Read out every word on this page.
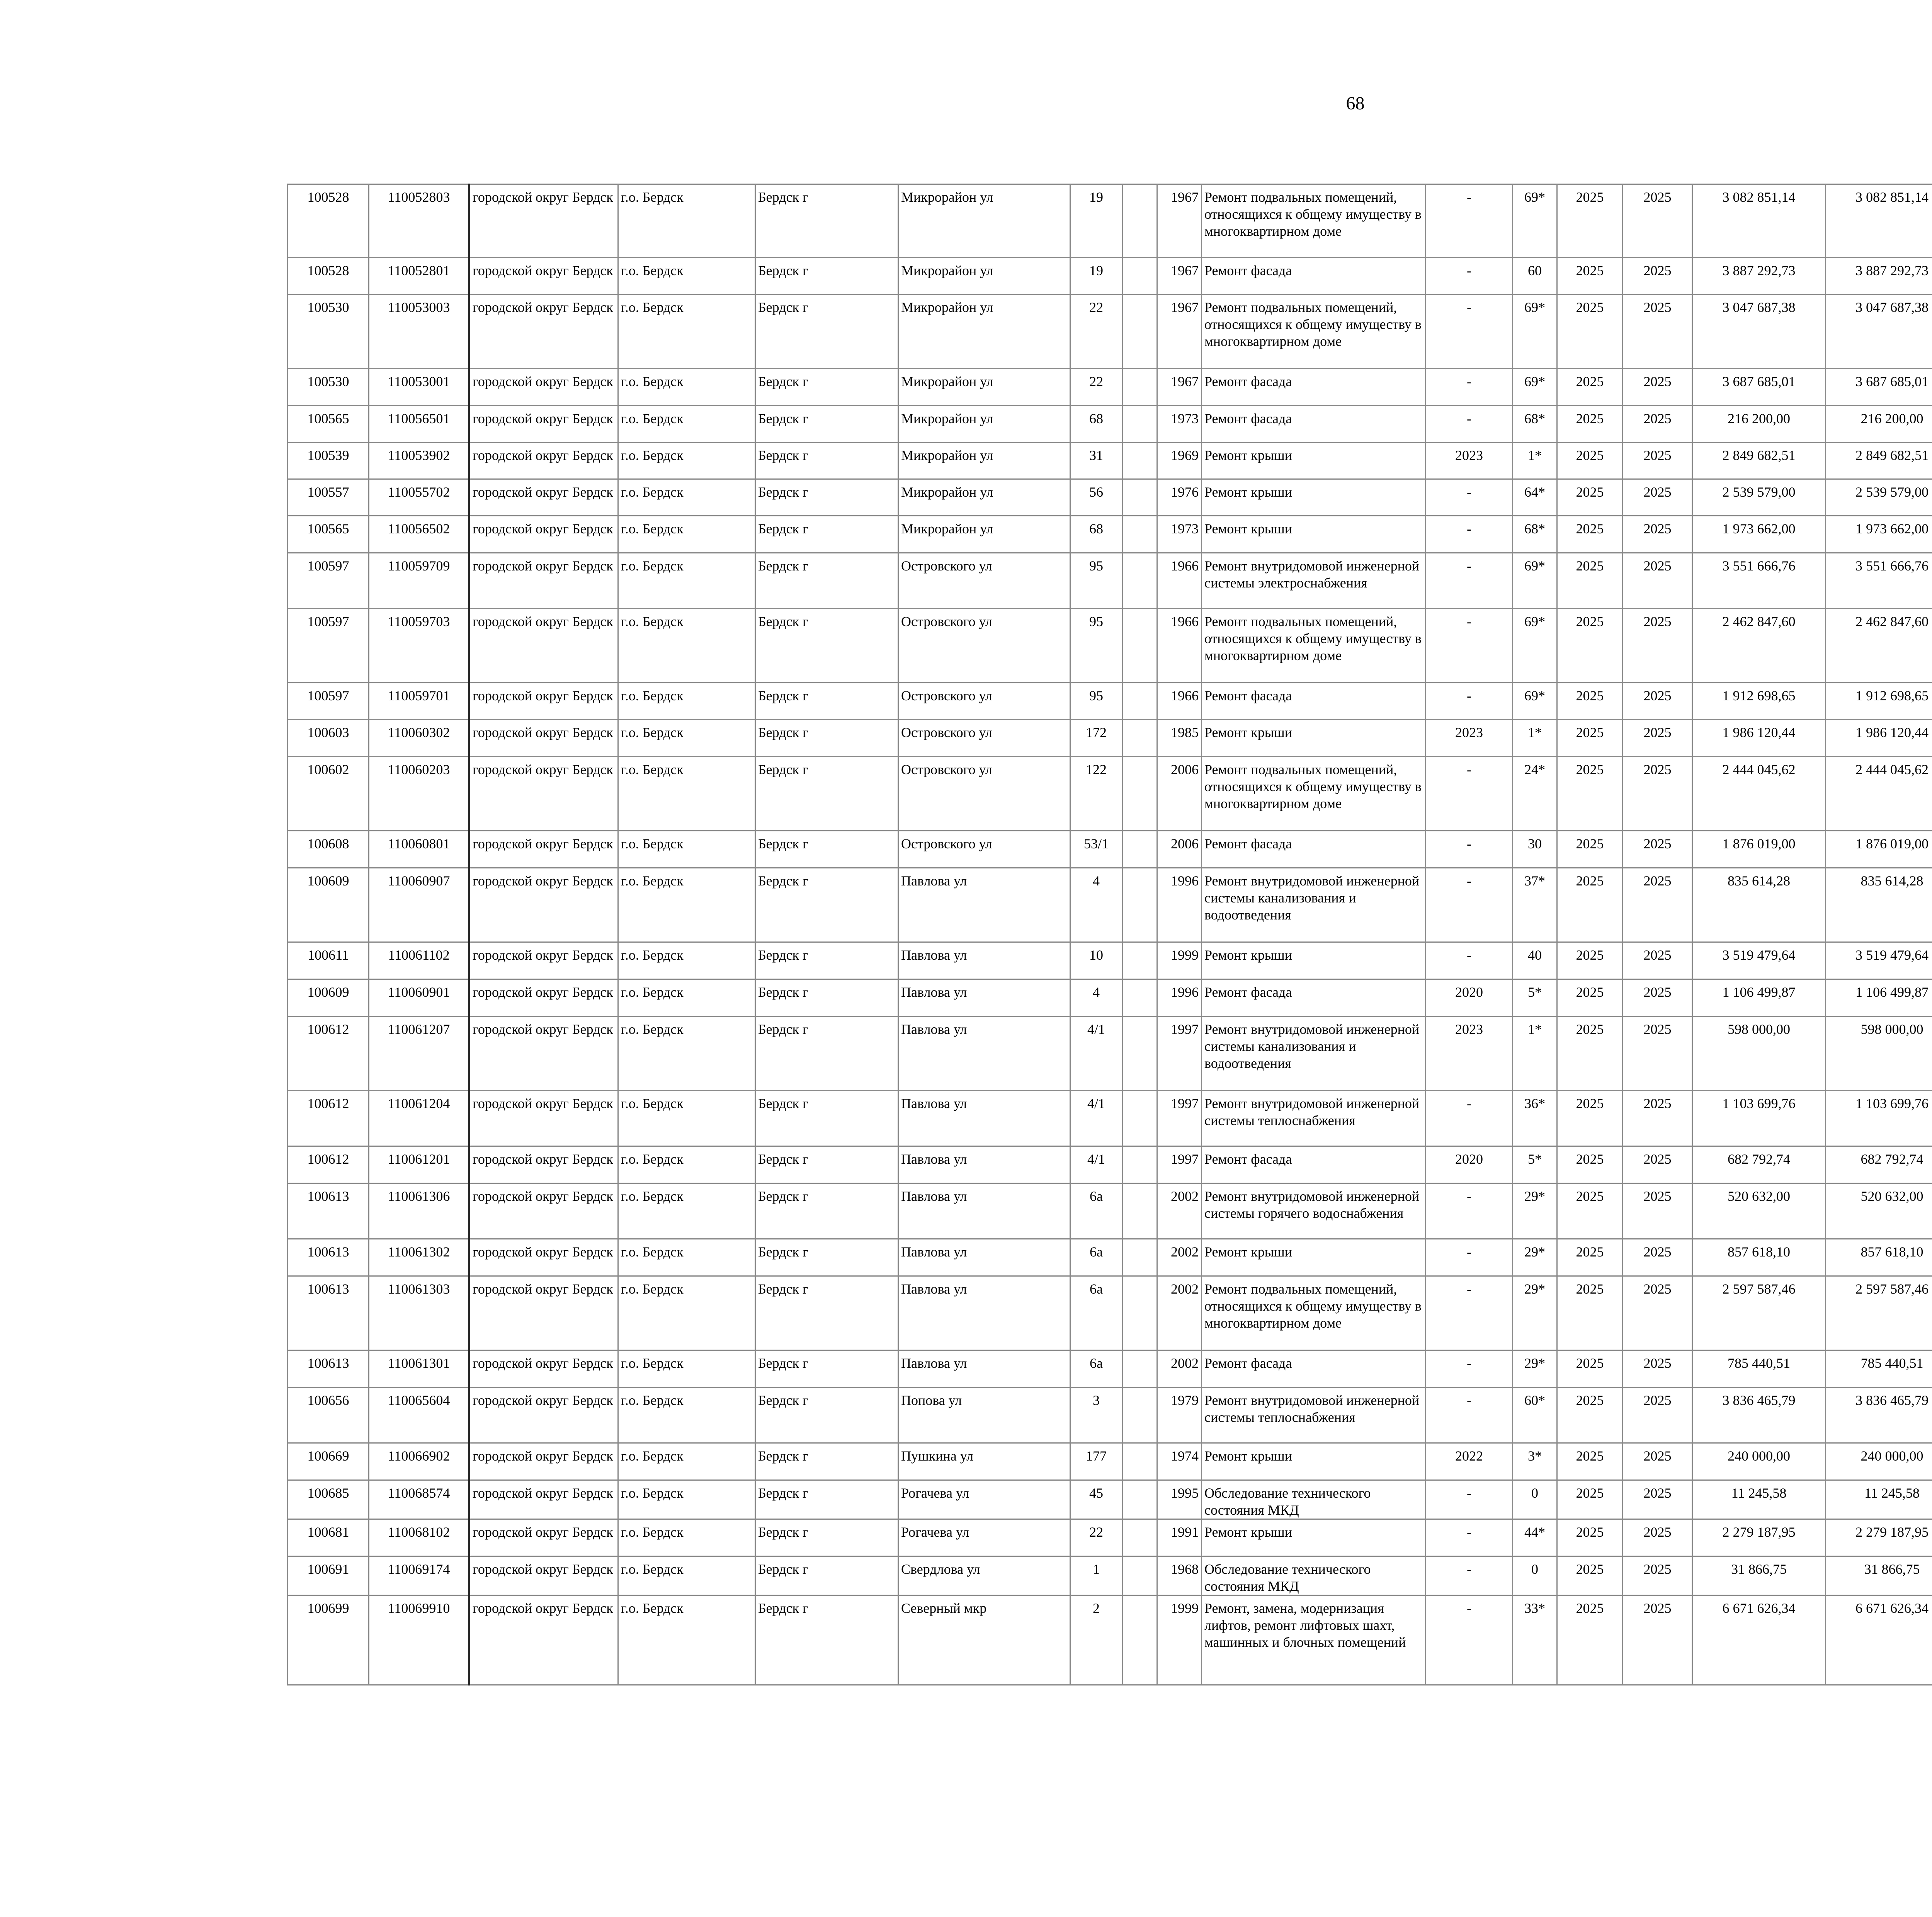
68
100528	110052803	городской округ Бердск	г.о. Бердск	Бердск г	Микрорайон ул	19		1967	Ремонт подвальных помещений, относящихся к общему имуществу в многоквартирном доме	-	69*	2025	2025	3 082 851,14	3 082 851,14						
100528	110052801	городской округ Бердск	г.о. Бердск	Бердск г	Микрорайон ул	19		1967	Ремонт фасада	-	60	2025	2025	3 887 292,73	3 887 292,73						
100530	110053003	городской округ Бердск	г.о. Бердск	Бердск г	Микрорайон ул	22		1967	Ремонт подвальных помещений, относящихся к общему имуществу в многоквартирном доме	-	69*	2025	2025	3 047 687,38	3 047 687,38						
100530	110053001	городской округ Бердск	г.о. Бердск	Бердск г	Микрорайон ул	22		1967	Ремонт фасада	-	69*	2025	2025	3 687 685,01	3 687 685,01						
100565	110056501	городской округ Бердск	г.о. Бердск	Бердск г	Микрорайон ул	68		1973	Ремонт фасада	-	68*	2025	2025	216 200,00	216 200,00						
100539	110053902	городской округ Бердск	г.о. Бердск	Бердск г	Микрорайон ул	31		1969	Ремонт крыши	2023	1*	2025	2025	2 849 682,51	2 849 682,51						
100557	110055702	городской округ Бердск	г.о. Бердск	Бердск г	Микрорайон ул	56		1976	Ремонт крыши	-	64*	2025	2025	2 539 579,00	2 539 579,00						
100565	110056502	городской округ Бердск	г.о. Бердск	Бердск г	Микрорайон ул	68		1973	Ремонт крыши	-	68*	2025	2025	1 973 662,00	1 973 662,00						
100597	110059709	городской округ Бердск	г.о. Бердск	Бердск г	Островского ул	95		1966	Ремонт внутридомовой инженерной системы электроснабжения	-	69*	2025	2025	3 551 666,76	3 551 666,76						
100597	110059703	городской округ Бердск	г.о. Бердск	Бердск г	Островского ул	95		1966	Ремонт подвальных помещений, относящихся к общему имуществу в многоквартирном доме	-	69*	2025	2025	2 462 847,60	2 462 847,60						
100597	110059701	городской округ Бердск	г.о. Бердск	Бердск г	Островского ул	95		1966	Ремонт фасада	-	69*	2025	2025	1 912 698,65	1 912 698,65						
100603	110060302	городской округ Бердск	г.о. Бердск	Бердск г	Островского ул	172		1985	Ремонт крыши	2023	1*	2025	2025	1 986 120,44	1 986 120,44						
100602	110060203	городской округ Бердск	г.о. Бердск	Бердск г	Островского ул	122		2006	Ремонт подвальных помещений, относящихся к общему имуществу в многоквартирном доме	-	24*	2025	2025	2 444 045,62	2 444 045,62						
100608	110060801	городской округ Бердск	г.о. Бердск	Бердск г	Островского ул	53/1		2006	Ремонт фасада	-	30	2025	2025	1 876 019,00	1 876 019,00						
100609	110060907	городской округ Бердск	г.о. Бердск	Бердск г	Павлова ул	4		1996	Ремонт внутридомовой инженерной системы канализования и водоотведения	-	37*	2025	2025	835 614,28	835 614,28						
100611	110061102	городской округ Бердск	г.о. Бердск	Бердск г	Павлова ул	10		1999	Ремонт крыши	-	40	2025	2025	3 519 479,64	3 519 479,64						
100609	110060901	городской округ Бердск	г.о. Бердск	Бердск г	Павлова ул	4		1996	Ремонт фасада	2020	5*	2025	2025	1 106 499,87	1 106 499,87						
100612	110061207	городской округ Бердск	г.о. Бердск	Бердск г	Павлова ул	4/1		1997	Ремонт внутридомовой инженерной системы канализования и водоотведения	2023	1*	2025	2025	598 000,00	598 000,00						
100612	110061204	городской округ Бердск	г.о. Бердск	Бердск г	Павлова ул	4/1		1997	Ремонт внутридомовой инженерной системы теплоснабжения	-	36*	2025	2025	1 103 699,76	1 103 699,76						
100612	110061201	городской округ Бердск	г.о. Бердск	Бердск г	Павлова ул	4/1		1997	Ремонт фасада	2020	5*	2025	2025	682 792,74	682 792,74						
100613	110061306	городской округ Бердск	г.о. Бердск	Бердск г	Павлова ул	6а		2002	Ремонт внутридомовой инженерной системы горячего водоснабжения	-	29*	2025	2025	520 632,00	520 632,00						
100613	110061302	городской округ Бердск	г.о. Бердск	Бердск г	Павлова ул	6а		2002	Ремонт крыши	-	29*	2025	2025	857 618,10	857 618,10						
100613	110061303	городской округ Бердск	г.о. Бердск	Бердск г	Павлова ул	6а		2002	Ремонт подвальных помещений, относящихся к общему имуществу в многоквартирном доме	-	29*	2025	2025	2 597 587,46	2 597 587,46						
100613	110061301	городской округ Бердск	г.о. Бердск	Бердск г	Павлова ул	6а		2002	Ремонт фасада	-	29*	2025	2025	785 440,51	785 440,51						
100656	110065604	городской округ Бердск	г.о. Бердск	Бердск г	Попова ул	3		1979	Ремонт внутридомовой инженерной системы теплоснабжения	-	60*	2025	2025	3 836 465,79	3 836 465,79						
100669	110066902	городской округ Бердск	г.о. Бердск	Бердск г	Пушкина ул	177		1974	Ремонт крыши	2022	3*	2025	2025	240 000,00	240 000,00						
100685	110068574	городской округ Бердск	г.о. Бердск	Бердск г	Рогачева ул	45		1995	Обследование технического состояния МКД	-	0	2025	2025	11 245,58	11 245,58						
100681	110068102	городской округ Бердск	г.о. Бердск	Бердск г	Рогачева ул	22		1991	Ремонт крыши	-	44*	2025	2025	2 279 187,95	2 279 187,95						
100691	110069174	городской округ Бердск	г.о. Бердск	Бердск г	Свердлова ул	1		1968	Обследование технического состояния МКД	-	0	2025	2025	31 866,75	31 866,75						
100699	110069910	городской округ Бердск	г.о. Бердск	Бердск г	Северный мкр	2		1999	Ремонт, замена, модернизация лифтов, ремонт лифтовых шахт, машинных и блочных помещений	-	33*	2025	2025	6 671 626,34	6 671 626,34						
